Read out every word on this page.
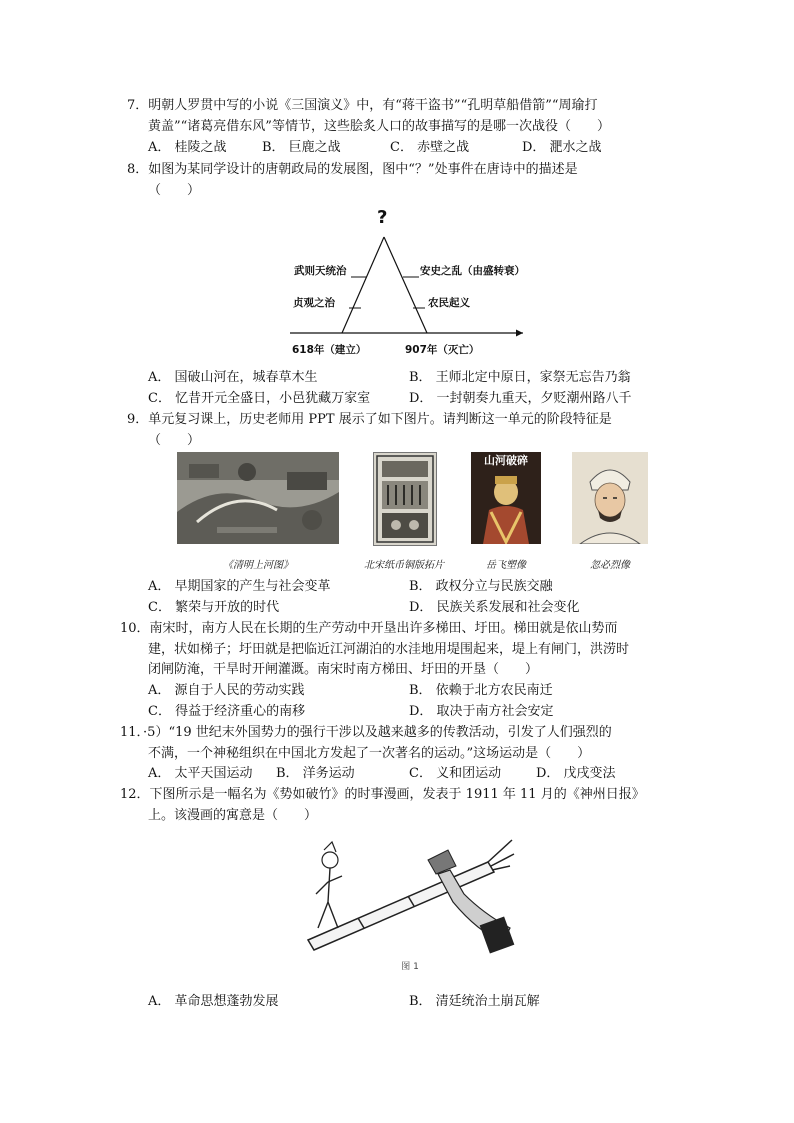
7．明朝人罗贯中写的小说《三国演义》中，有“蒋干盗书”“孔明草船借箭”“周瑜打
黄盖”“诸葛亮借东风”等情节，这些脍炙人口的故事描写的是哪一次战役（　　）
A． 桂陵之战	B． 巨鹿之战	C． 赤壁之战	D． 淝水之战
8．如图为某同学设计的唐朝政局的发展图，图中“？”处事件在唐诗中的描述是
（　　）
?
武则天统治
贞观之治
安史之乱（由盛转衰）
农民起义
618年（建立）	907年（灭亡）
A． 国破山河在，城春草木生	B． 王师北定中原日，家祭无忘告乃翁
C． 忆昔开元全盛日，小邑犹藏万家室	D． 一封朝奏九重天，夕贬潮州路八千
9．单元复习课上，历史老师用 PPT 展示了如下图片。请判断这一单元的阶段特征是
（　　）
《清明上河图》	北宋纸币铜版拓片
山河破碎
岳飞塑像	忽必烈像
A． 早期国家的产生与社会变革	B． 政权分立与民族交融
C． 繁荣与开放的时代	D． 民族关系发展和社会变化
10．南宋时，南方人民在长期的生产劳动中开垦出许多梯田、圩田。梯田就是依山势而
建，状如梯子；圩田就是把临近江河湖泊的水洼地用堤围起来，堤上有闸门，洪涝时
闭闸防淹，干旱时开闸灌溉。南宋时南方梯田、圩田的开垦（　　）
A． 源自于人民的劳动实践	B． 依赖于北方农民南迁
C． 得益于经济重心的南移	D． 取决于南方社会安定
11．·5）“19 世纪末外国势力的强行干涉以及越来越多的传教活动，引发了人们强烈的
不满，一个神秘组织在中国北方发起了一次著名的运动。”这场运动是（　　）
A． 太平天国运动 B． 洋务运动	C． 义和团运动	D． 戊戌变法
12．下图所示是一幅名为《势如破竹》的时事漫画，发表于 1911 年 11 月的《神州日报》
上。该漫画的寓意是（　　）
图 1
A． 革命思想蓬勃发展	B． 清廷统治土崩瓦解
